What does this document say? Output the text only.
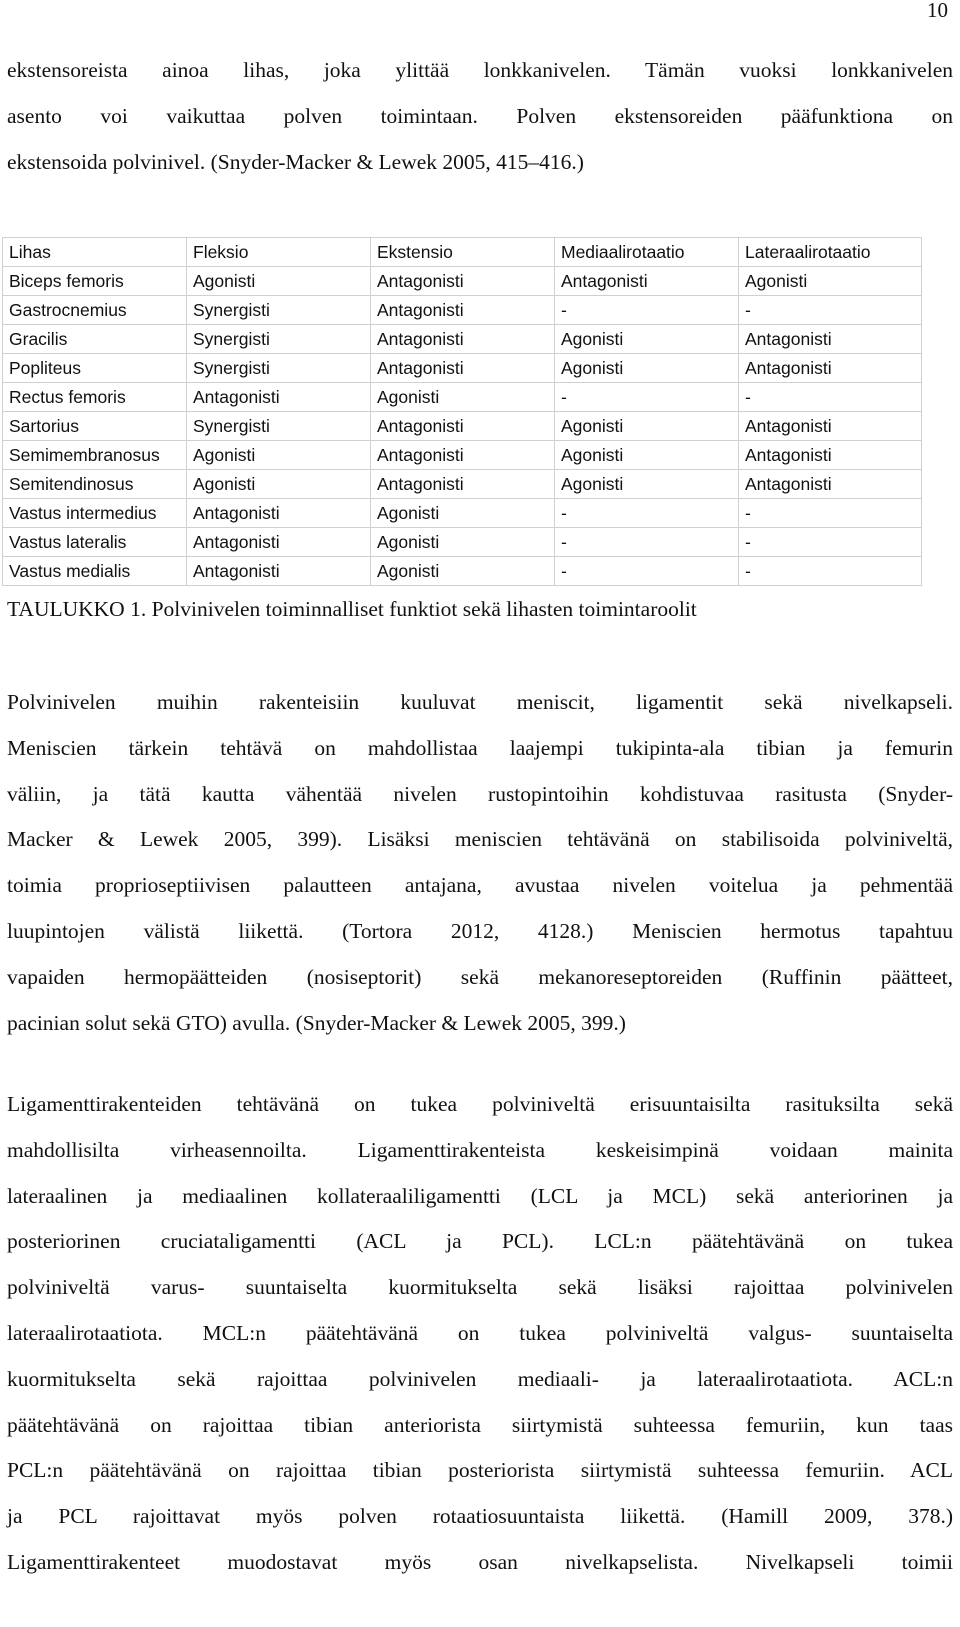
10
ekstensoreista ainoa lihas, joka ylittää lonkkanivelen. Tämän vuoksi lonkkanivelen
asento voi vaikuttaa polven toimintaan. Polven ekstensoreiden pääfunktiona on
ekstensoida polvinivel. (Snyder-Macker & Lewek 2005, 415–416.)
Lihas	Fleksio	Ekstensio	Mediaalirotaatio	Lateraalirotaatio
Biceps femoris	Agonisti	Antagonisti	Antagonisti	Agonisti
Gastrocnemius	Synergisti	Antagonisti	-	-
Gracilis	Synergisti	Antagonisti	Agonisti	Antagonisti
Popliteus	Synergisti	Antagonisti	Agonisti	Antagonisti
Rectus femoris	Antagonisti	Agonisti	-	-
Sartorius	Synergisti	Antagonisti	Agonisti	Antagonisti
Semimembranosus	Agonisti	Antagonisti	Agonisti	Antagonisti
Semitendinosus	Agonisti	Antagonisti	Agonisti	Antagonisti
Vastus intermedius	Antagonisti	Agonisti	-	-
Vastus lateralis	Antagonisti	Agonisti	-	-
Vastus medialis	Antagonisti	Agonisti	-	-
TAULUKKO 1. Polvinivelen toiminnalliset funktiot sekä lihasten toimintaroolit
Polvinivelen muihin rakenteisiin kuuluvat meniscit, ligamentit sekä nivelkapseli.
Meniscien tärkein tehtävä on mahdollistaa laajempi tukipinta-ala tibian ja femurin
väliin, ja tätä kautta vähentää nivelen rustopintoihin kohdistuvaa rasitusta (Snyder-
Macker & Lewek 2005, 399). Lisäksi meniscien tehtävänä on stabilisoida polviniveltä,
toimia proprioseptiivisen palautteen antajana, avustaa nivelen voitelua ja pehmentää
luupintojen välistä liikettä. (Tortora 2012, 4128.) Meniscien hermotus tapahtuu
vapaiden hermopäätteiden (nosiseptorit) sekä mekanoreseptoreiden (Ruffinin päätteet,
pacinian solut sekä GTO) avulla. (Snyder-Macker & Lewek 2005, 399.)
Ligamenttirakenteiden tehtävänä on tukea polviniveltä erisuuntaisilta rasituksilta sekä
mahdollisilta virheasennoilta. Ligamenttirakenteista keskeisimpinä voidaan mainita
lateraalinen ja mediaalinen kollateraaliligamentti (LCL ja MCL) sekä anteriorinen ja
posteriorinen cruciataligamentti (ACL ja PCL). LCL:n päätehtävänä on tukea
polviniveltä varus- suuntaiselta kuormitukselta sekä lisäksi rajoittaa polvinivelen
lateraalirotaatiota. MCL:n päätehtävänä on tukea polviniveltä valgus- suuntaiselta
kuormitukselta sekä rajoittaa polvinivelen mediaali- ja lateraalirotaatiota. ACL:n
päätehtävänä on rajoittaa tibian anteriorista siirtymistä suhteessa femuriin, kun taas
PCL:n päätehtävänä on rajoittaa tibian posteriorista siirtymistä suhteessa femuriin. ACL
ja PCL rajoittavat myös polven rotaatiosuuntaista liikettä. (Hamill 2009, 378.)
Ligamenttirakenteet muodostavat myös osan nivelkapselista. Nivelkapseli toimii
